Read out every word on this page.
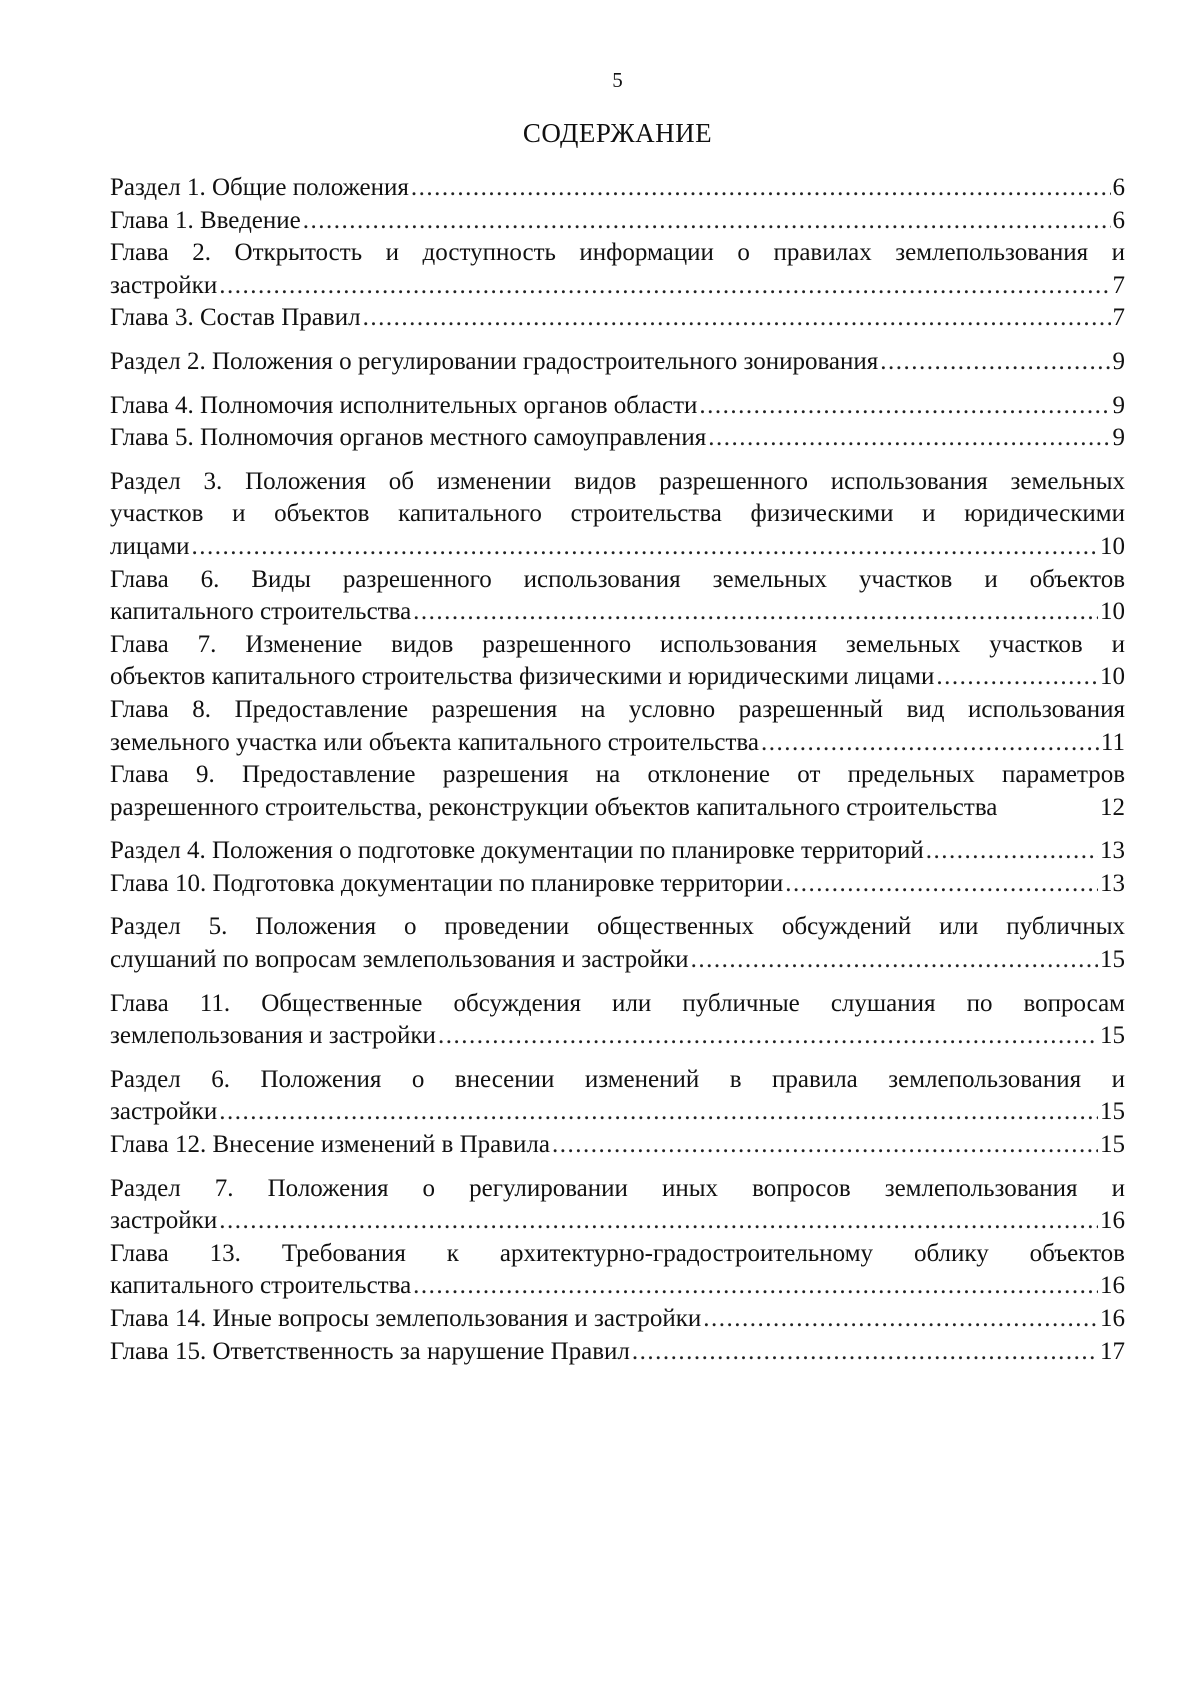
5
СОДЕРЖАНИЕ
Раздел 1. Общие положения .....	6
Глава 1. Введение .....	6
Глава 2. Открытость и доступность информации о правилах землепользования и
застройки .....	7
Глава 3. Состав Правил .....	7
Раздел 2. Положения о регулировании градостроительного зонирования .....	9
Глава 4. Полномочия исполнительных органов области .....	9
Глава 5. Полномочия органов местного самоуправления .....	9
Раздел 3. Положения об изменении видов разрешенного использования земельных
участков и объектов капитального строительства физическими и юридическими
лицами .....	10
Глава 6. Виды разрешенного использования земельных участков и объектов
капитального строительства .....	10
Глава 7. Изменение видов разрешенного использования земельных участков и
объектов капитального строительства физическими и юридическими лицами .....	10
Глава 8. Предоставление разрешения на условно разрешенный вид использования
земельного участка или объекта капитального строительства .....	11
Глава 9. Предоставление разрешения на отклонение от предельных параметров
разрешенного строительства, реконструкции объектов капитального строительства	12
Раздел 4. Положения о подготовке документации по планировке территорий .....	13
Глава 10. Подготовка документации по планировке территории .....	13
Раздел 5. Положения о проведении общественных обсуждений или публичных
слушаний по вопросам землепользования и застройки .....	15
Глава 11. Общественные обсуждения или публичные слушания по вопросам
землепользования и застройки .....	15
Раздел 6. Положения о внесении изменений в правила землепользования и
застройки .....	15
Глава 12. Внесение изменений в Правила .....	15
Раздел 7. Положения о регулировании иных вопросов землепользования и
застройки .....	16
Глава 13. Требования к архитектурно-градостроительному облику объектов
капитального строительства .....	16
Глава 14. Иные вопросы землепользования и застройки .....	16
Глава 15. Ответственность за нарушение Правил .....	17
